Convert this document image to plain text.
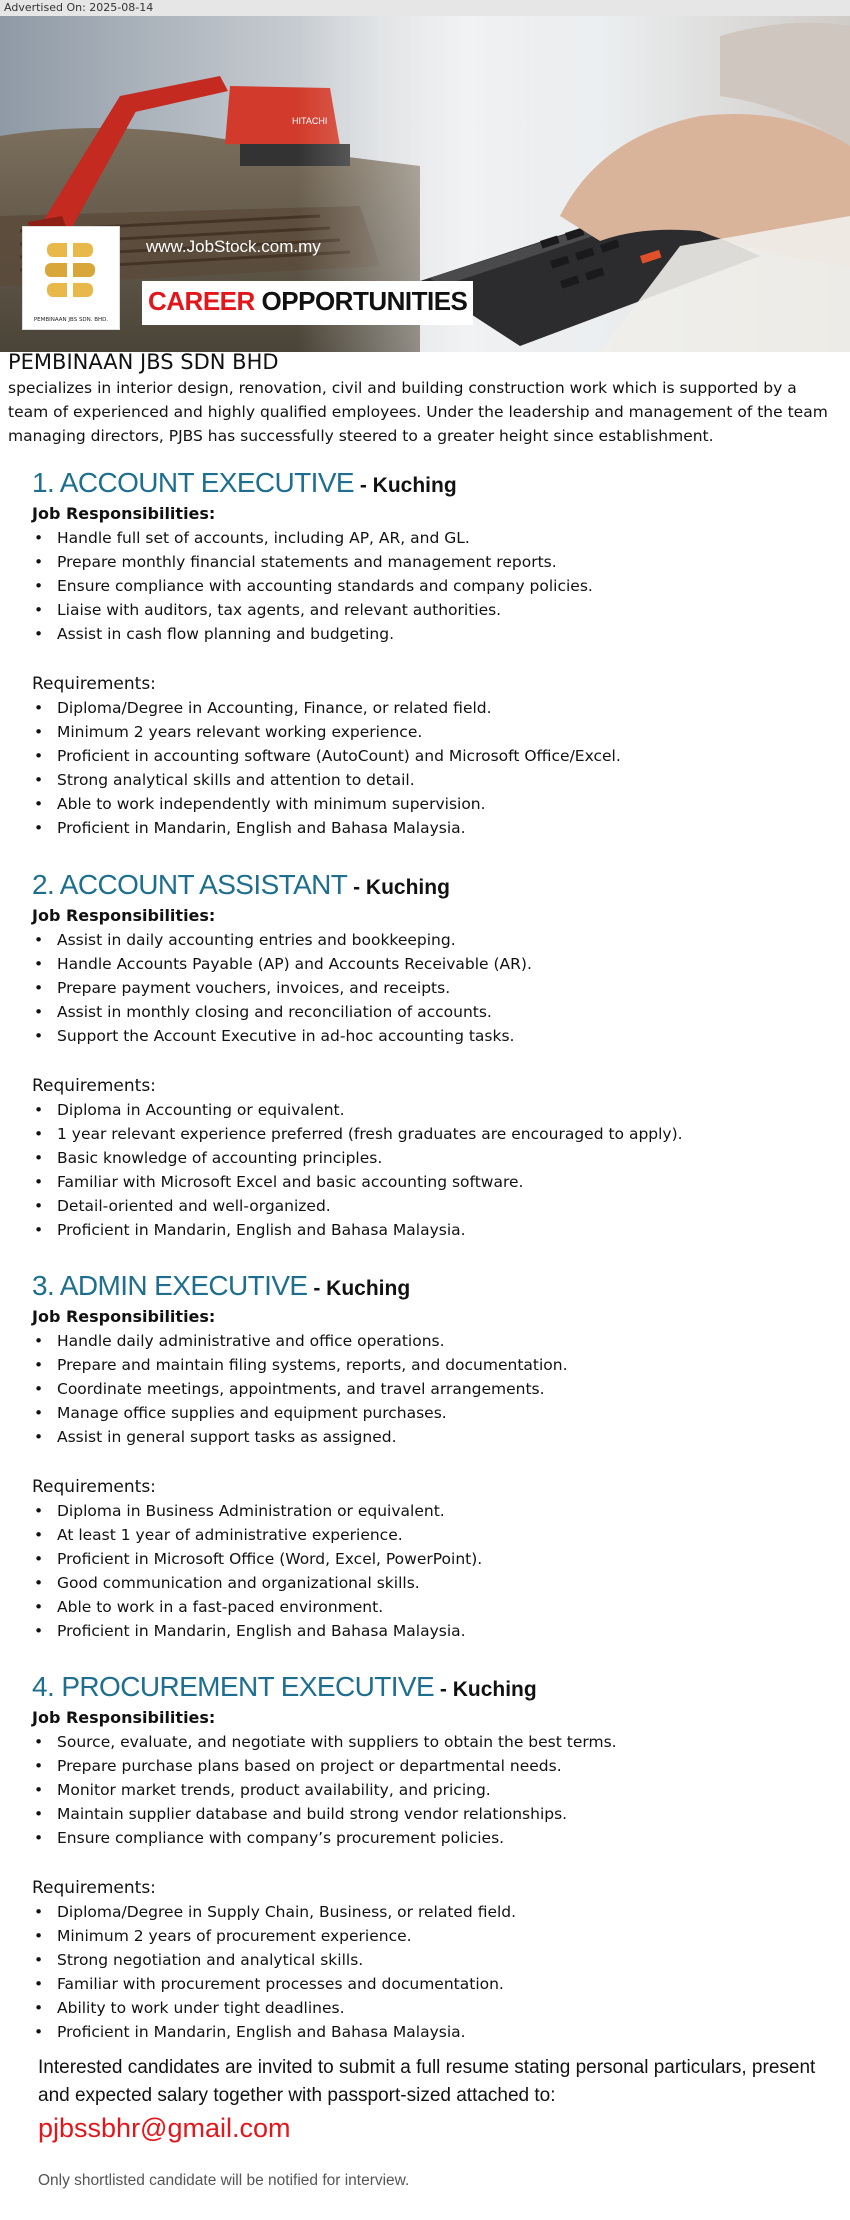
Advertised On: 2025-08-14
PEMBINAAN JBS SDN. BHD.
www.JobStock.com.my
CAREER OPPORTUNITIES
PEMBINAAN JBS SDN BHD
specializes in interior design, renovation, civil and building construction work which is supported by a team of experienced and highly qualified employees. Under the leadership and management of the team managing directors, PJBS has successfully steered to a greater height since establishment.
1. ACCOUNT EXECUTIVE - Kuching
Job Responsibilities:
• Handle full set of accounts, including AP, AR, and GL.
• Prepare monthly financial statements and management reports.
• Ensure compliance with accounting standards and company policies.
• Liaise with auditors, tax agents, and relevant authorities.
• Assist in cash flow planning and budgeting.
Requirements:
• Diploma/Degree in Accounting, Finance, or related field.
• Minimum 2 years relevant working experience.
• Proficient in accounting software (AutoCount) and Microsoft Office/Excel.
• Strong analytical skills and attention to detail.
• Able to work independently with minimum supervision.
• Proficient in Mandarin, English and Bahasa Malaysia.
2. ACCOUNT ASSISTANT - Kuching
Job Responsibilities:
• Assist in daily accounting entries and bookkeeping.
• Handle Accounts Payable (AP) and Accounts Receivable (AR).
• Prepare payment vouchers, invoices, and receipts.
• Assist in monthly closing and reconciliation of accounts.
• Support the Account Executive in ad-hoc accounting tasks.
Requirements:
• Diploma in Accounting or equivalent.
• 1 year relevant experience preferred (fresh graduates are encouraged to apply).
• Basic knowledge of accounting principles.
• Familiar with Microsoft Excel and basic accounting software.
• Detail-oriented and well-organized.
• Proficient in Mandarin, English and Bahasa Malaysia.
3. ADMIN EXECUTIVE - Kuching
Job Responsibilities:
• Handle daily administrative and office operations.
• Prepare and maintain filing systems, reports, and documentation.
• Coordinate meetings, appointments, and travel arrangements.
• Manage office supplies and equipment purchases.
• Assist in general support tasks as assigned.
Requirements:
• Diploma in Business Administration or equivalent.
• At least 1 year of administrative experience.
• Proficient in Microsoft Office (Word, Excel, PowerPoint).
• Good communication and organizational skills.
• Able to work in a fast-paced environment.
• Proficient in Mandarin, English and Bahasa Malaysia.
4. PROCUREMENT EXECUTIVE - Kuching
Job Responsibilities:
• Source, evaluate, and negotiate with suppliers to obtain the best terms.
• Prepare purchase plans based on project or departmental needs.
• Monitor market trends, product availability, and pricing.
• Maintain supplier database and build strong vendor relationships.
• Ensure compliance with company’s procurement policies.
Requirements:
• Diploma/Degree in Supply Chain, Business, or related field.
• Minimum 2 years of procurement experience.
• Strong negotiation and analytical skills.
• Familiar with procurement processes and documentation.
• Ability to work under tight deadlines.
• Proficient in Mandarin, English and Bahasa Malaysia.
Interested candidates are invited to submit a full resume stating personal particulars, present and expected salary together with passport-sized attached to:
pjbssbhr@gmail.com
Only shortlisted candidate will be notified for interview.
